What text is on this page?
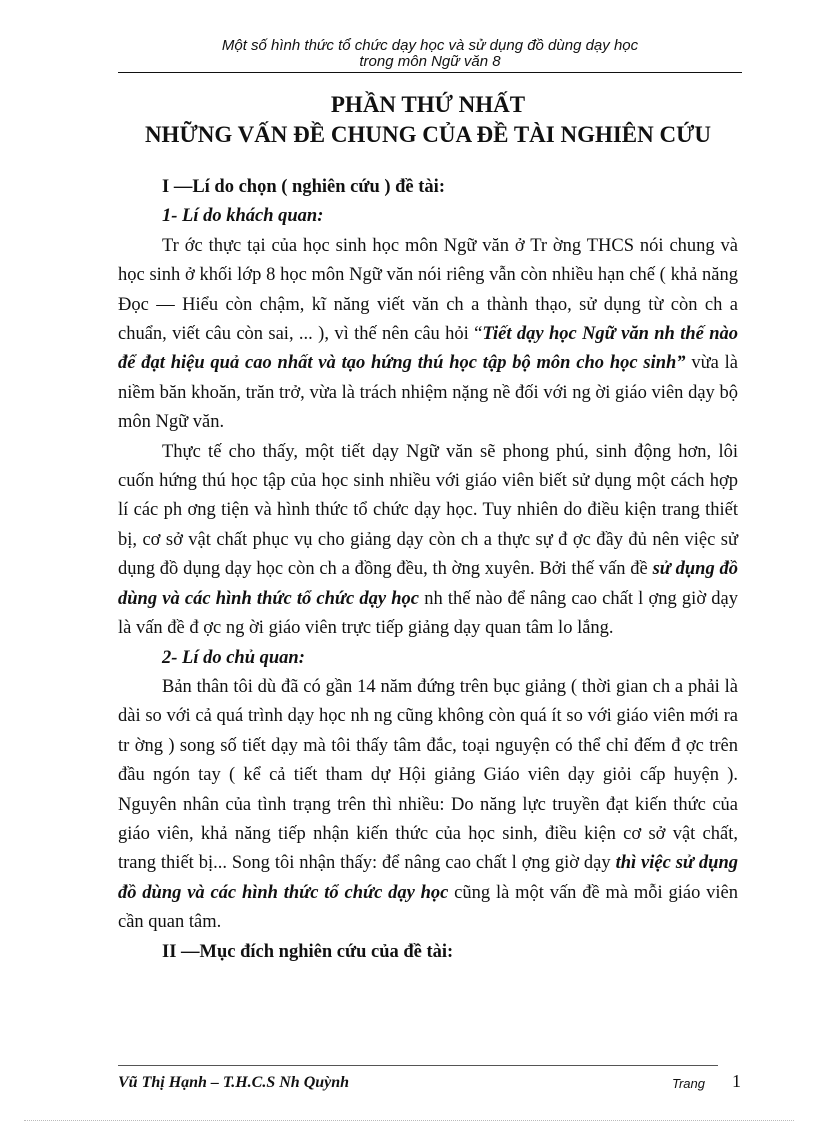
Một số hình thức tổ chức dạy học và sử dụng đồ dùng dạy học
trong môn Ngữ văn 8
PHẦN THỨ NHẤT
NHỮNG VẤN ĐỀ CHUNG CỦA ĐỀ TÀI NGHIÊN CỨU

I —Lí do chọn ( nghiên cứu ) đề tài:

1- Lí do khách quan:

Tr ớc thực tại của học sinh học môn Ngữ văn ở Tr ờng THCS nói chung và học sinh ở khối lớp 8 học môn Ngữ văn nói riêng vẫn còn nhiều hạn chế ( khả năng Đọc — Hiểu còn chậm, kĩ năng viết văn ch a thành thạo, sử dụng từ còn ch a chuẩn, viết câu còn sai, ... ), vì thế nên câu hỏi “Tiết dạy học Ngữ văn nh thế nào để đạt hiệu quả cao nhất và tạo hứng thú học tập bộ môn cho học sinh” vừa là niềm băn khoăn, trăn trở, vừa là trách nhiệm nặng nề đối với ng ời giáo viên dạy bộ môn Ngữ văn.

Thực tế cho thấy, một tiết dạy Ngữ văn sẽ phong phú, sinh động hơn, lôi cuốn hứng thú học tập của học sinh nhiều với giáo viên biết sử dụng một cách hợp lí các ph ơng tiện và hình thức tổ chức dạy học. Tuy nhiên do điều kiện trang thiết bị, cơ sở vật chất phục vụ cho giảng dạy còn ch a thực sự đ ợc đầy đủ nên việc sử dụng đồ dụng dạy học còn ch a đồng đều, th ờng xuyên. Bởi thế vấn đề sử dụng đồ dùng và các hình thức tổ chức dạy học nh thế nào để nâng cao chất l ợng giờ dạy là vấn đề đ ợc ng ời giáo viên trực tiếp giảng dạy quan tâm lo lắng.

2- Lí do chủ quan:

Bản thân tôi dù đã có gần 14 năm đứng trên bục giảng ( thời gian ch a phải là dài so với cả quá trình dạy học nh ng cũng không còn quá ít so với giáo viên mới ra tr ờng ) song số tiết dạy mà tôi thấy tâm đắc, toại nguyện có thể chỉ đếm đ ợc trên đầu ngón tay ( kể cả tiết tham dự Hội giảng Giáo viên dạy giỏi cấp huyện ). Nguyên nhân của tình trạng trên thì nhiều: Do năng lực truyền đạt kiến thức của giáo viên, khả năng tiếp nhận kiến thức của học sinh, điều kiện cơ sở vật chất, trang thiết bị... Song tôi nhận thấy: để nâng cao chất l ợng giờ dạy thì việc sử dụng đồ dùng và các hình thức tổ chức dạy học cũng là một vấn đề mà mỗi giáo viên cần quan tâm.

II —Mục đích nghiên cứu của đề tài:

Vũ Thị Hạnh – T.H.C.S Nh Quỳnh	Trang 1
